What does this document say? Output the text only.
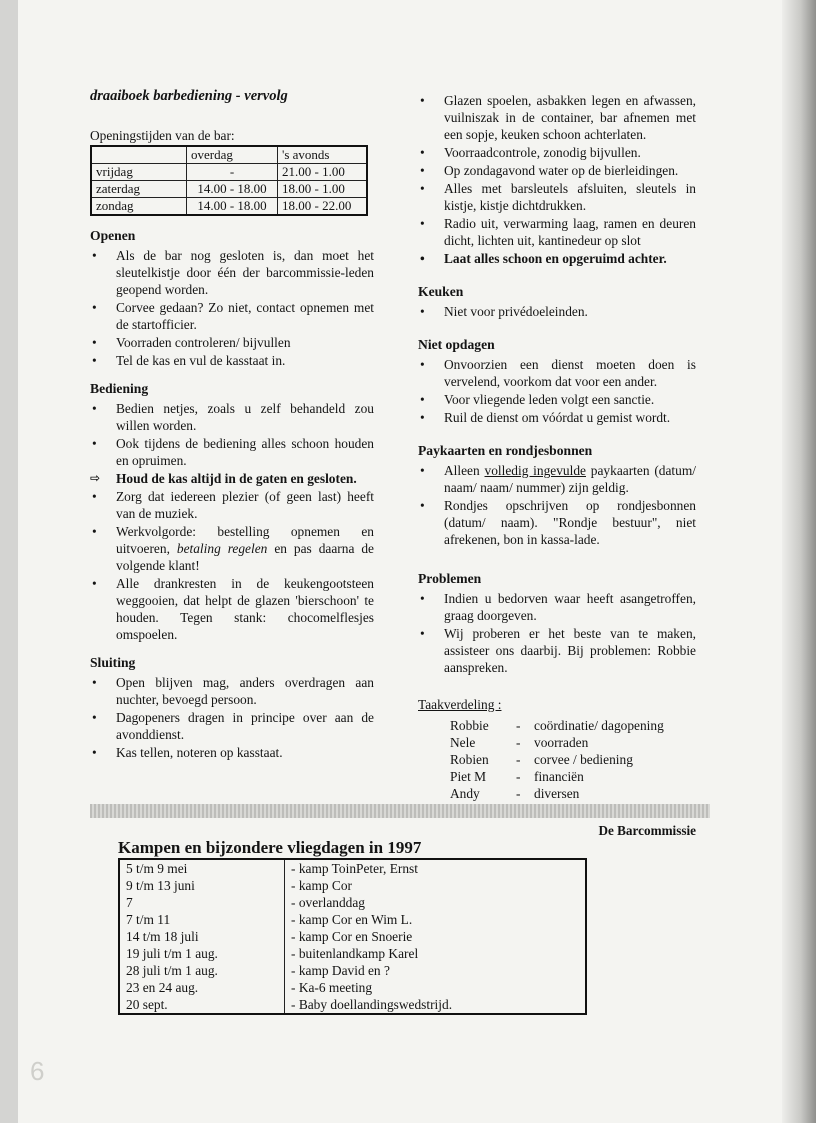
draaiboek barbediening - vervolg
Openingstijden van de bar:
	overdag	's avonds
vrijdag	-	21.00 - 1.00
zaterdag	14.00 - 18.00	18.00 - 1.00
zondag	14.00 - 18.00	18.00 - 22.00
Openen
• Als de bar nog gesloten is, dan moet het sleutelkistje door één der barcommissie-leden geopend worden.
• Corvee gedaan? Zo niet, contact opnemen met de startofficier.
• Voorraden controleren/ bijvullen
• Tel de kas en vul de kasstaat in.
Bediening
• Bedien netjes, zoals u zelf behandeld zou willen worden.
• Ook tijdens de bediening alles schoon houden en opruimen.
⇨ Houd de kas altijd in de gaten en gesloten.
• Zorg dat iedereen plezier (of geen last) heeft van de muziek.
• Werkvolgorde: bestelling opnemen en uitvoeren, betaling regelen en pas daarna de volgende klant!
• Alle drankresten in de keukengootsteen weggooien, dat helpt de glazen 'bierschoon' te houden. Tegen stank: chocomelflesjes omspoelen.
Sluiting
• Open blijven mag, anders overdragen aan nuchter, bevoegd persoon.
• Dagopeners dragen in principe over aan de avonddienst.
• Kas tellen, noteren op kasstaat.
• Glazen spoelen, asbakken legen en afwassen, vuilniszak in de container, bar afnemen met een sopje, keuken schoon achterlaten.
• Voorraadcontrole, zonodig bijvullen.
• Op zondagavond water op de bierleidingen.
• Alles met barsleutels afsluiten, sleutels in kistje, kistje dichtdrukken.
• Radio uit, verwarming laag, ramen en deuren dicht, lichten uit, kantinedeur op slot
• Laat alles schoon en opgeruimd achter.
Keuken
• Niet voor privédoeleinden.
Niet opdagen
• Onvoorzien een dienst moeten doen is vervelend, voorkom dat voor een ander.
• Voor vliegende leden volgt een sanctie.
• Ruil de dienst om vóórdat u gemist wordt.
Paykaarten en rondjesbonnen
• Alleen volledig ingevulde paykaarten (datum/ naam/ naam/ nummer) zijn geldig.
• Rondjes opschrijven op rondjesbonnen (datum/ naam). "Rondje bestuur", niet afrekenen, bon in kassa-lade.
Problemen
• Indien u bedorven waar heeft asangetroffen, graag doorgeven.
• Wij proberen er het beste van te maken, assisteer ons daarbij. Bij problemen: Robbie aanspreken.
Taakverdeling :
Robbie	-	coördinatie/ dagopening
Nele	-	voorraden
Robien	-	corvee / bediening
Piet M	-	financiën
Andy	-	diversen

De Barcommissie
Kampen en bijzondere vliegdagen in 1997
5 t/m 9 mei	- kamp ToinPeter, Ernst
9 t/m 13 juni	- kamp Cor
7	- overlanddag
7 t/m 11	- kamp Cor en Wim L.
14 t/m 18 juli	- kamp Cor en Snoerie
19 juli t/m 1 aug.	- buitenlandkamp Karel
28 juli t/m 1 aug.	- kamp David en ?
23 en 24 aug.	- Ka-6 meeting
20 sept.	- Baby doellandingswedstrijd.
6
